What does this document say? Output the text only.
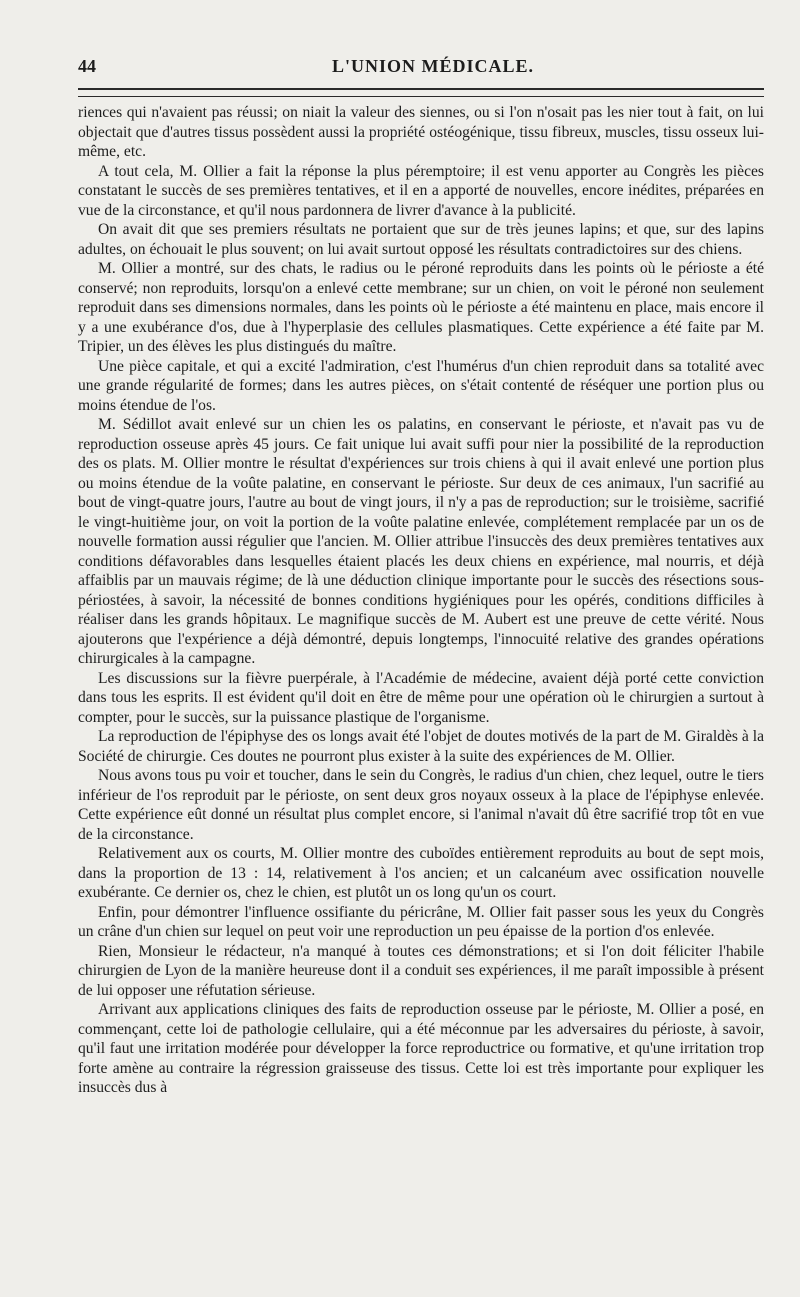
44	L'UNION MÉDICALE.

riences qui n'avaient pas réussi; on niait la valeur des siennes, ou si l'on n'osait pas les nier tout à fait, on lui objectait que d'autres tissus possèdent aussi la propriété ostéogénique, tissu fibreux, muscles, tissu osseux lui-même, etc.

A tout cela, M. Ollier a fait la réponse la plus péremptoire; il est venu apporter au Congrès les pièces constatant le succès de ses premières tentatives, et il en a apporté de nouvelles, encore inédites, préparées en vue de la circonstance, et qu'il nous pardonnera de livrer d'avance à la publicité.

On avait dit que ses premiers résultats ne portaient que sur de très jeunes lapins; et que, sur des lapins adultes, on échouait le plus souvent; on lui avait surtout opposé les résultats contradictoires sur des chiens.

M. Ollier a montré, sur des chats, le radius ou le péroné reproduits dans les points où le périoste a été conservé; non reproduits, lorsqu'on a enlevé cette membrane; sur un chien, on voit le péroné non seulement reproduit dans ses dimensions normales, dans les points où le périoste a été maintenu en place, mais encore il y a une exubérance d'os, due à l'hyperplasie des cellules plasmatiques. Cette expérience a été faite par M. Tripier, un des élèves les plus distingués du maître.

Une pièce capitale, et qui a excité l'admiration, c'est l'humérus d'un chien reproduit dans sa totalité avec une grande régularité de formes; dans les autres pièces, on s'était contenté de réséquer une portion plus ou moins étendue de l'os.

M. Sédillot avait enlevé sur un chien les os palatins, en conservant le périoste, et n'avait pas vu de reproduction osseuse après 45 jours. Ce fait unique lui avait suffi pour nier la possibilité de la reproduction des os plats. M. Ollier montre le résultat d'expériences sur trois chiens à qui il avait enlevé une portion plus ou moins étendue de la voûte palatine, en conservant le périoste. Sur deux de ces animaux, l'un sacrifié au bout de vingt-quatre jours, l'autre au bout de vingt jours, il n'y a pas de reproduction; sur le troisième, sacrifié le vingt-huitième jour, on voit la portion de la voûte palatine enlevée, complétement remplacée par un os de nouvelle formation aussi régulier que l'ancien. M. Ollier attribue l'insuccès des deux premières tentatives aux conditions défavorables dans lesquelles étaient placés les deux chiens en expérience, mal nourris, et déjà affaiblis par un mauvais régime; de là une déduction clinique importante pour le succès des résections sous-périostées, à savoir, la nécessité de bonnes conditions hygiéniques pour les opérés, conditions difficiles à réaliser dans les grands hôpitaux. Le magnifique succès de M. Aubert est une preuve de cette vérité. Nous ajouterons que l'expérience a déjà démontré, depuis longtemps, l'innocuité relative des grandes opérations chirurgicales à la campagne.

Les discussions sur la fièvre puerpérale, à l'Académie de médecine, avaient déjà porté cette conviction dans tous les esprits. Il est évident qu'il doit en être de même pour une opération où le chirurgien a surtout à compter, pour le succès, sur la puissance plastique de l'organisme.

La reproduction de l'épiphyse des os longs avait été l'objet de doutes motivés de la part de M. Giraldès à la Société de chirurgie. Ces doutes ne pourront plus exister à la suite des expériences de M. Ollier.

Nous avons tous pu voir et toucher, dans le sein du Congrès, le radius d'un chien, chez lequel, outre le tiers inférieur de l'os reproduit par le périoste, on sent deux gros noyaux osseux à la place de l'épiphyse enlevée. Cette expérience eût donné un résultat plus complet encore, si l'animal n'avait dû être sacrifié trop tôt en vue de la circonstance.

Relativement aux os courts, M. Ollier montre des cuboïdes entièrement reproduits au bout de sept mois, dans la proportion de 13 : 14, relativement à l'os ancien; et un calcanéum avec ossification nouvelle exubérante. Ce dernier os, chez le chien, est plutôt un os long qu'un os court.

Enfin, pour démontrer l'influence ossifiante du péricrâne, M. Ollier fait passer sous les yeux du Congrès un crâne d'un chien sur lequel on peut voir une reproduction un peu épaisse de la portion d'os enlevée.

Rien, Monsieur le rédacteur, n'a manqué à toutes ces démonstrations; et si l'on doit féliciter l'habile chirurgien de Lyon de la manière heureuse dont il a conduit ses expériences, il me paraît impossible à présent de lui opposer une réfutation sérieuse.

Arrivant aux applications cliniques des faits de reproduction osseuse par le périoste, M. Ollier a posé, en commençant, cette loi de pathologie cellulaire, qui a été méconnue par les adversaires du périoste, à savoir, qu'il faut une irritation modérée pour développer la force reproductrice ou formative, et qu'une irritation trop forte amène au contraire la régression graisseuse des tissus. Cette loi est très importante pour expliquer les insuccès dus à
